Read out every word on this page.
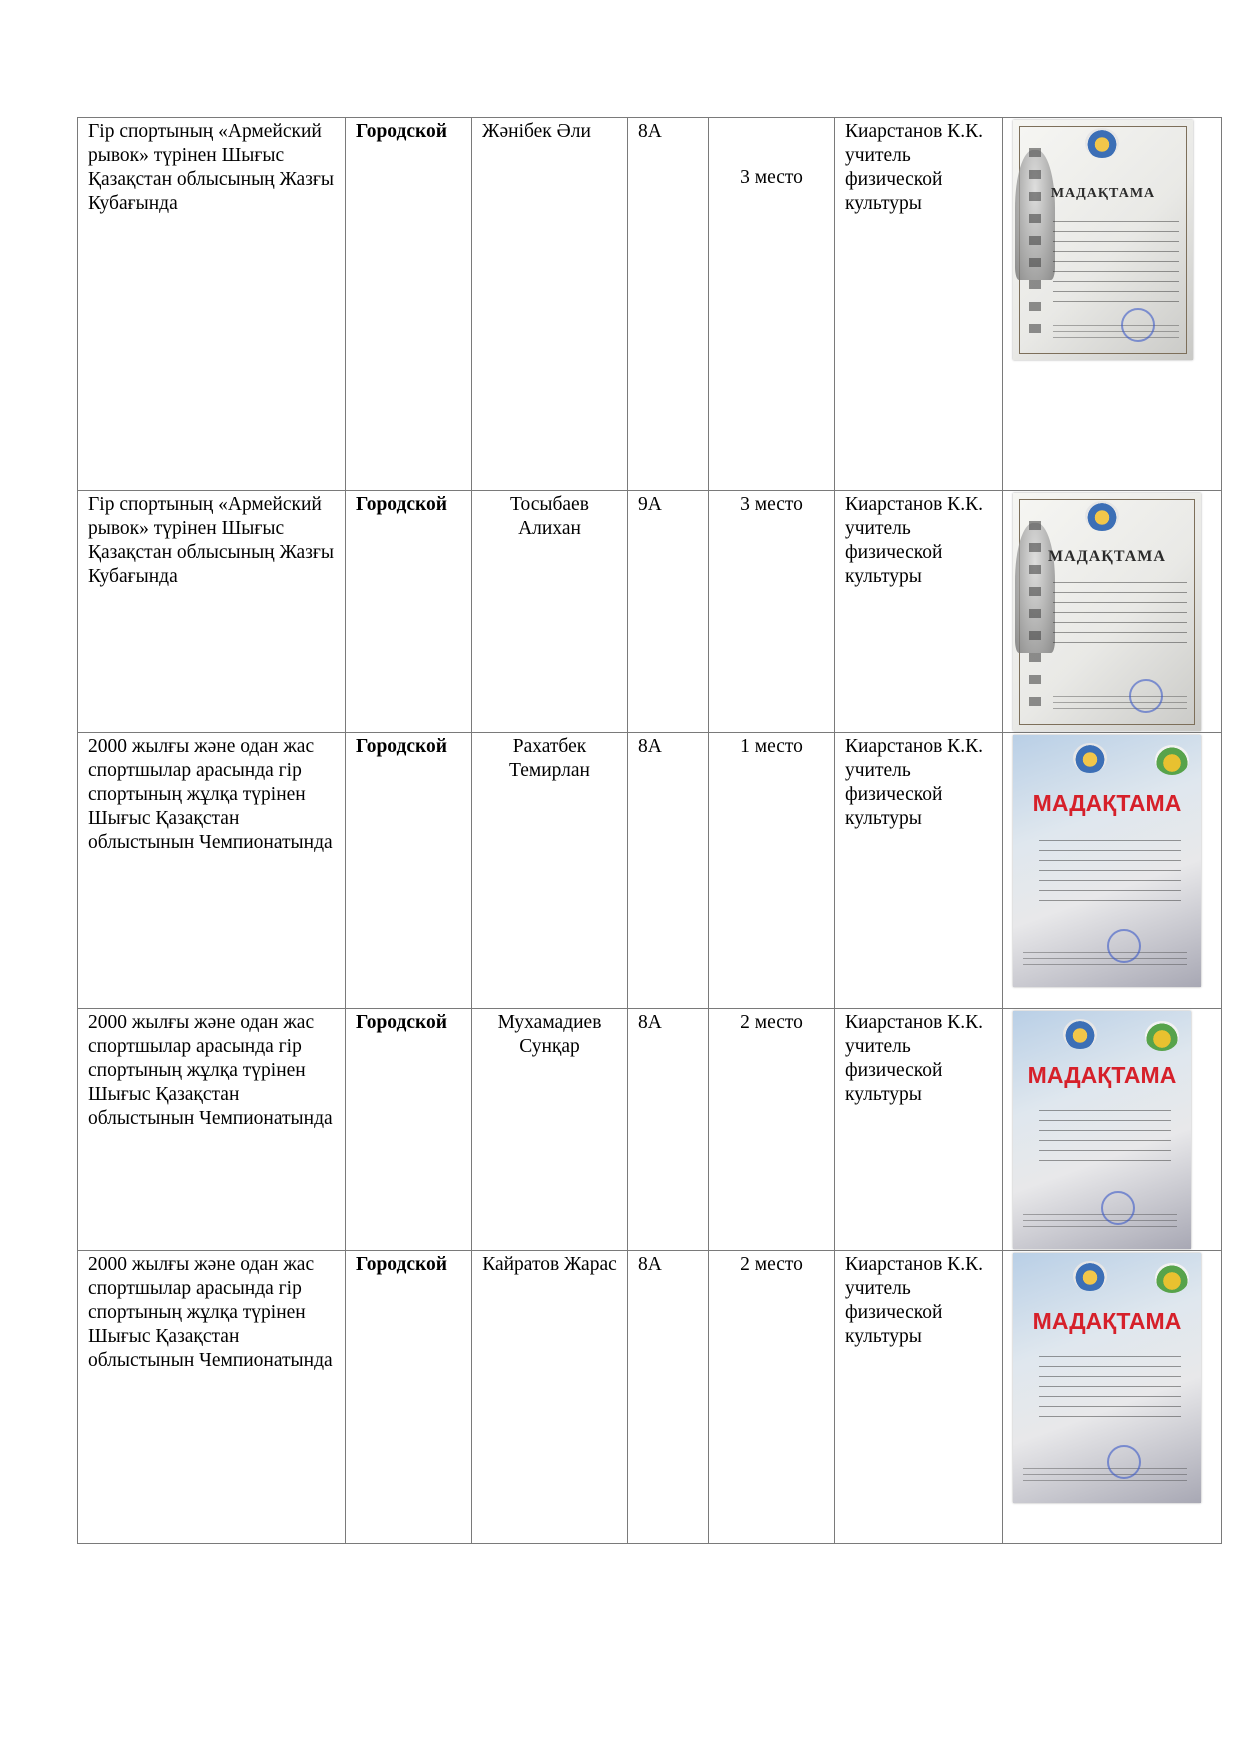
Гір спортының «Армейский рывок» түрінен Шығыс Қазақстан облысының Жазғы Кубағында	Городской	Жәнібек Әли	8А	3 место	Киарстанов К.К. учитель физической культуры	МАДАҚТАМА

Гір спортының «Армейский рывок» түрінен Шығыс Қазақстан облысының Жазғы Кубағында	Городской	Тосыбаев Алихан	9А	3 место	Киарстанов К.К. учитель физической культуры	МАДАҚТАМА

2000 жылғы және одан жас спортшылар арасында гір спортының жұлқа түрінен Шығыс Қазақстан облыстынын Чемпионатында	Городской	Рахатбек Темирлан	8А	1 место	Киарстанов К.К. учитель физической культуры	МАДАҚТАМА

2000 жылғы және одан жас спортшылар арасында гір спортының жұлқа түрінен Шығыс Қазақстан облыстынын Чемпионатында	Городской	Мухамадиев Сунқар	8А	2 место	Киарстанов К.К. учитель физической культуры	МАДАҚТАМА

2000 жылғы және одан жас спортшылар арасында гір спортының жұлқа түрінен Шығыс Қазақстан облыстынын Чемпионатында	Городской	Кайратов Жарас	8А	2 место	Киарстанов К.К. учитель физической культуры	МАДАҚТАМА
